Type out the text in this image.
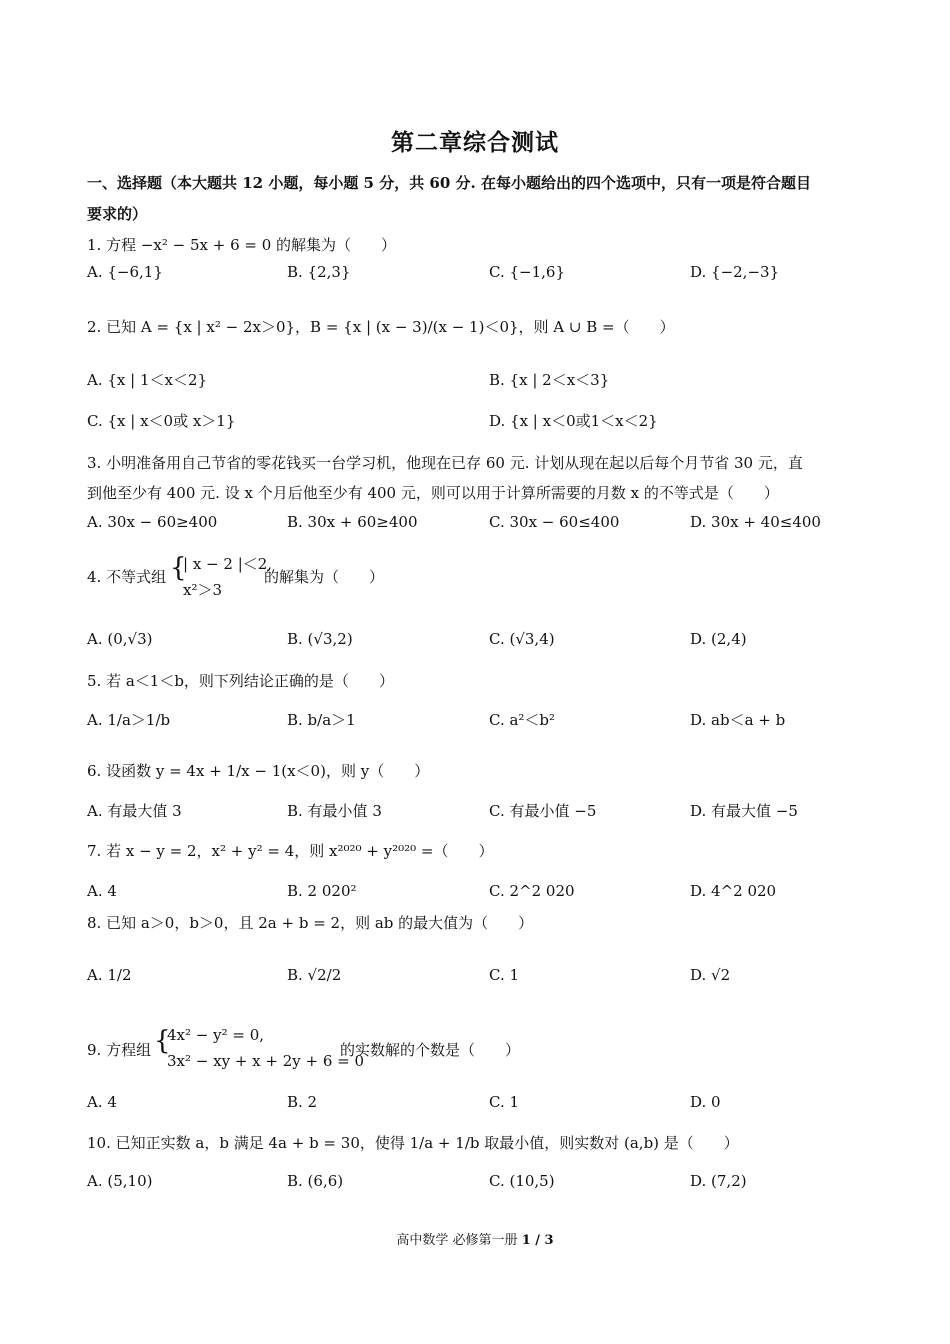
第二章综合测试
一、选择题（本大题共 12 小题，每小题 5 分，共 60 分. 在每小题给出的四个选项中，只有一项是符合题目
要求的）
1. 方程 −x² − 5x + 6 = 0 的解集为（　　）
A. {−6,1}	B. {2,3}	C. {−1,6}	D. {−2,−3}
2. 已知 A = {x | x² − 2x＞0}，B = {x | (x − 3)/(x − 1)＜0}，则 A ∪ B =（　　）
A. {x | 1＜x＜2}	B. {x | 2＜x＜3}
C. {x | x＜0或 x＞1}	D. {x | x＜0或1＜x＜2}
3. 小明准备用自己节省的零花钱买一台学习机，他现在已存 60 元. 计划从现在起以后每个月节省 30 元，直
到他至少有 400 元. 设 x 个月后他至少有 400 元，则可以用于计算所需要的月数 x 的不等式是（　　）
A. 30x − 60≥400	B. 30x + 60≥400	C. 30x − 60≤400	D. 30x + 40≤400
4. 不等式组 {
| x − 2 |＜2,
x²＞3
的解集为（　　）
A. (0,√3)	B. (√3,2)	C. (√3,4)	D. (2,4)
5. 若 a＜1＜b，则下列结论正确的是（　　）
A. 1/a＞1/b	B. b/a＞1	C. a²＜b²	D. ab＜a + b
6. 设函数 y = 4x + 1/x − 1(x＜0)，则 y（　　）
A. 有最大值 3	B. 有最小值 3	C. 有最小值 −5	D. 有最大值 −5
7. 若 x − y = 2，x² + y² = 4，则 x²⁰²⁰ + y²⁰²⁰ =（　　）
A. 4	B. 2 020²	C. 2^2 020	D. 4^2 020
8. 已知 a＞0，b＞0，且 2a + b = 2，则 ab 的最大值为（　　）
A. 1/2	B. √2/2	C. 1	D. √2
9. 方程组 {
4x² − y² = 0,
3x² − xy + x + 2y + 6 = 0
的实数解的个数是（　　）
A. 4	B. 2	C. 1	D. 0
10. 已知正实数 a，b 满足 4a + b = 30，使得 1/a + 1/b 取最小值，则实数对 (a,b) 是（　　）
A. (5,10)	B. (6,6)	C. (10,5)	D. (7,2)
高中数学 必修第一册 1 / 3
